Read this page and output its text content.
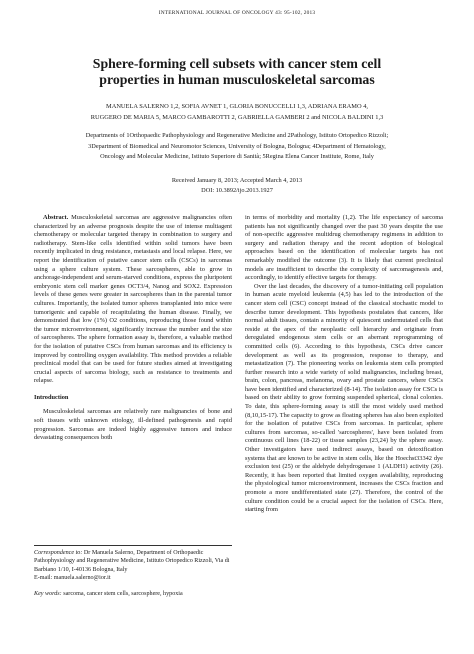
INTERNATIONAL JOURNAL OF ONCOLOGY 43: 95-102, 2013
Sphere-forming cell subsets with cancer stem cell
properties in human musculoskeletal sarcomas
MANUELA SALERNO 1,2, SOFIA AVNET 1, GLORIA BONUCCELLI 1,3, ADRIANA ERAMO 4,
RUGGERO DE MARIA 5, MARCO GAMBAROTTI 2, GABRIELLA GAMBERI 2 and NICOLA BALDINI 1,3
Departments of 1Orthopaedic Pathophysiology and Regenerative Medicine and 2Pathology, Istituto Ortopedico Rizzoli;
3Department of Biomedical and Neuromotor Sciences, University of Bologna, Bologna; 4Department of Hematology,
Oncology and Molecular Medicine, Istituto Superiore di Sanità; 5Regina Elena Cancer Institute, Rome, Italy
Received January 8, 2013; Accepted March 4, 2013
DOI: 10.3892/ijo.2013.1927

Abstract. Musculoskeletal sarcomas are aggressive malignancies often characterized by an adverse prognosis despite the use of intense multiagent chemotherapy or molecular targeted therapy in combination to surgery and radiotherapy. Stem-like cells identified within solid tumors have been recently implicated in drug resistance, metastasis and local relapse. Here, we report the identification of putative cancer stem cells (CSCs) in sarcomas using a sphere culture system. These sarcospheres, able to grow in anchorage-independent and serum-starved conditions, express the pluripotent embryonic stem cell marker genes OCT3/4, Nanog and SOX2. Expression levels of these genes were greater in sarcospheres than in the parental tumor cultures. Importantly, the isolated tumor spheres transplanted into mice were tumorigenic and capable of recapitulating the human disease. Finally, we demonstrated that low (1%) O2 conditions, reproducing those found within the tumor microenvironment, significantly increase the number and the size of sarcospheres. The sphere formation assay is, therefore, a valuable method for the isolation of putative CSCs from human sarcomas and its efficiency is improved by controlling oxygen availability. This method provides a reliable preclinical model that can be used for future studies aimed at investigating crucial aspects of sarcoma biology, such as resistance to treatments and relapse.

Introduction

Musculoskeletal sarcomas are relatively rare malignancies of bone and soft tissues with unknown etiology, ill-defined pathogenesis and rapid progression. Sarcomas are indeed highly aggressive tumors and induce devastating consequences both

Correspondence to: Dr Manuela Salerno, Department of Orthopaedic Pathophysiology and Regenerative Medicine, Istituto Ortopedico Rizzoli, Via di Barbiano 1/10, I-40136 Bologna, Italy

E-mail: manuela.salerno@ior.it

Key words: sarcoma, cancer stem cells, sarcosphere, hypoxia

in terms of morbidity and mortality (1,2). The life expectancy of sarcoma patients has not significantly changed over the past 30 years despite the use of non-specific aggressive multidrug chemotherapy regimens in addition to surgery and radiation therapy and the recent adoption of biological approaches based on the identification of molecular targets has not remarkably modified the outcome (3). It is likely that current preclinical models are insufficient to describe the complexity of sarcomagenesis and, accordingly, to identify effective targets for therapy.

Over the last decades, the discovery of a tumor-initiating cell population in human acute myeloid leukemia (4,5) has led to the introduction of the cancer stem cell (CSC) concept instead of the classical stochastic model to describe tumor development. This hypothesis postulates that cancers, like normal adult tissues, contain a minority of quiescent undermutated cells that reside at the apex of the neoplastic cell hierarchy and originate from deregulated endogenous stem cells or an aberrant reprogramming of committed cells (6). According to this hypothesis, CSCs drive cancer development as well as its progression, response to therapy, and metastatization (7). The pioneering works on leukemia stem cells prompted further research into a wide variety of solid malignancies, including breast, brain, colon, pancreas, melanoma, ovary and prostate cancers, where CSCs have been identified and characterized (8-14). The isolation assay for CSCs is based on their ability to grow forming suspended spherical, clonal colonies. To date, this sphere-forming assay is still the most widely used method (8,10,15-17). The capacity to grow as floating spheres has also been exploited for the isolation of putative CSCs from sarcomas. In particular, sphere cultures from sarcomas, so-called 'sarcospheres', have been isolated from continuous cell lines (18-22) or tissue samples (23,24) by the sphere assay. Other investigators have used indirect assays, based on detoxification systems that are known to be active in stem cells, like the Hoechst33342 dye exclusion test (25) or the aldehyde dehydrogenase 1 (ALDH1) activity (26). Recently, it has been reported that limited oxygen availability, reproducing the physiological tumor microenvironment, increases the CSCs fraction and promote a more undifferentiated state (27). Therefore, the control of the culture condition could be a crucial aspect for the isolation of CSCs. Here, starting from
